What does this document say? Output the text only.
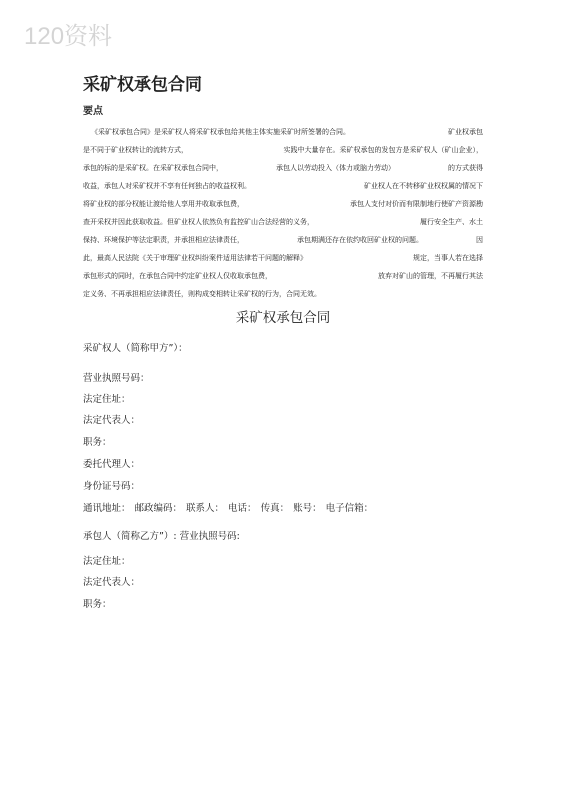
120资料
采矿权承包合同
要点
《采矿权承包合同》是采矿权人将采矿权承包给其他主体实施采矿时所签署的合同。	矿业权承包
是不同于矿业权转让的流转方式，	实践中大量存在。采矿权承包的发包方是采矿权人（矿山企业），
承包的标的是采矿权。在采矿权承包合同中，	承包人以劳动投入（体力或脑力劳动）	的方式获得
收益，承包人对采矿权并不享有任何独占的收益权利。	矿业权人在不转移矿业权权属的情况下
将矿业权的部分权能让渡给他人享用并收取承包费，	承包人支付对价而有限制地行使矿产资源勘
查开采权并因此获取收益。但矿业权人依然负有监控矿山合法经营的义务，	履行安全生产、水土
保持、环境保护等法定职责，并承担相应法律责任，	承包期满还存在依约收回矿业权的问题。	因
此，最高人民法院《关于审理矿业权纠纷案件适用法律若干问题的解释》	规定，当事人若在选择
承包形式的同时，在承包合同中约定矿业权人仅收取承包费，	放弃对矿山的管理，不再履行其法
定义务、不再承担相应法律责任，则构成变相转让采矿权的行为，合同无效。
采矿权承包合同
采矿权人（简称甲方”）：
营业执照号码：
法定住址：
法定代表人：
职务：
委托代理人：
身份证号码：
通讯地址： 邮政编码： 联系人： 电话： 传真： 账号： 电子信箱：
承包人（简称乙方”）: 营业执照号码:
法定住址：
法定代表人：
职务：
